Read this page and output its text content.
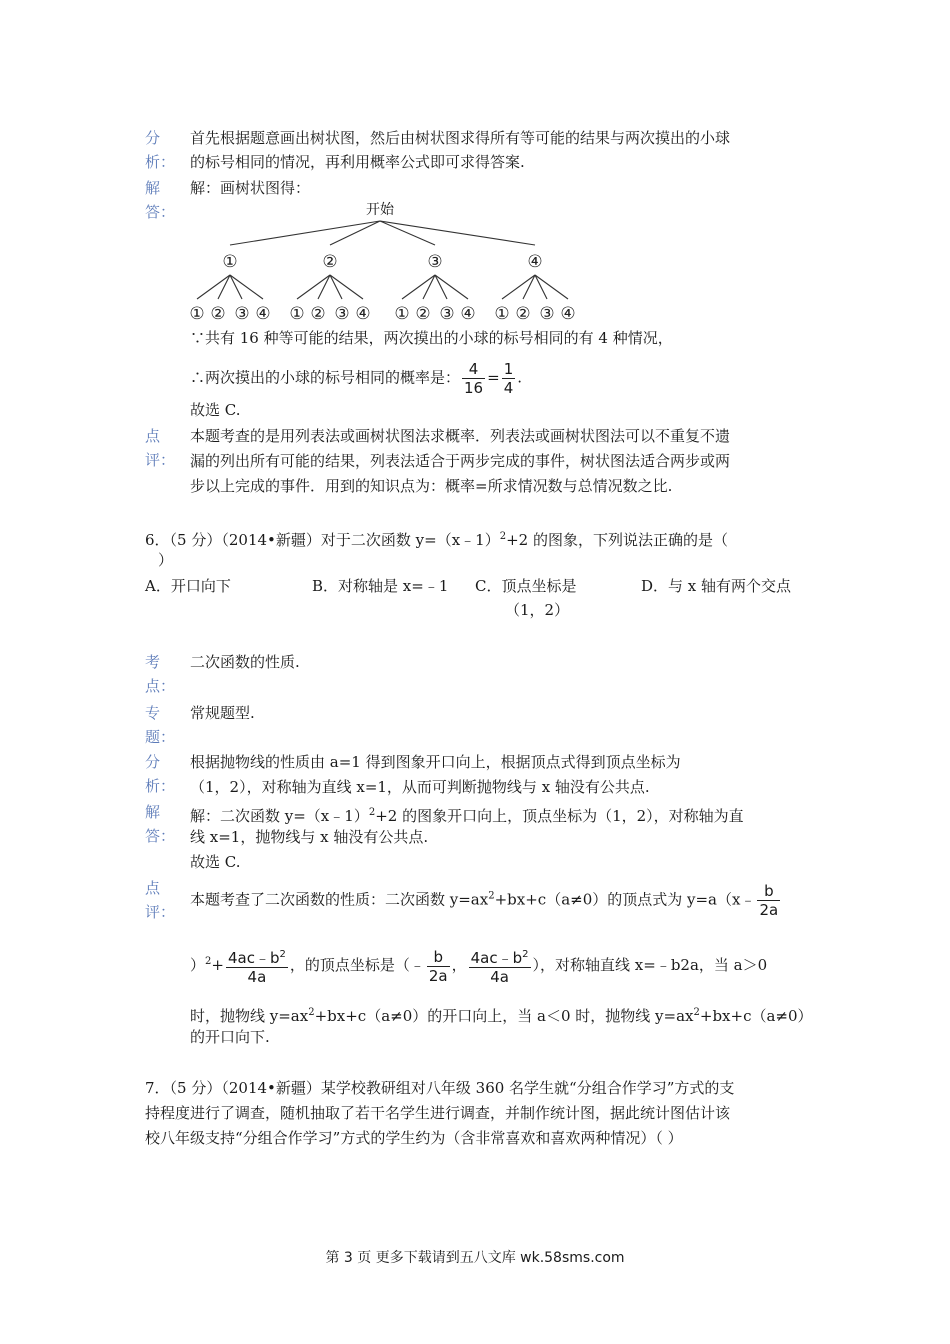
分
析：
首先根据题意画出树状图，然后由树状图求得所有等可能的结果与两次摸出的小球
的标号相同的情况，再利用概率公式即可求得答案.
解
答：
解：画树状图得：
开始
①	②	③	④
① ② ③ ④ ① ② ③ ④ ① ② ③ ④ ① ② ③ ④
∵共有 16 种等可能的结果，两次摸出的小球的标号相同的有 4 种情况，
∴两次摸出的小球的标号相同的概率是： $\frac{4}{16} = \frac{1}{4}$ .
故选 C.
点
评：
本题考查的是用列表法或画树状图法求概率．列表法或画树状图法可以不重复不遗
漏的列出所有可能的结果，列表法适合于两步完成的事件，树状图法适合两步或两
步以上完成的事件．用到的知识点为：概率=所求情况数与总情况数之比.
6．（5 分）（2014•新疆）对于二次函数 y=（x﹣1）$^2$+2 的图象，下列说法正确的是（
）
A．开口向下	B．对称轴是 x=﹣1 C．顶点坐标是
（1，2）
D．与 x 轴有两个交点
考
点：
二次函数的性质.
专
题：
常规题型.
分
析：
根据抛物线的性质由 a=1 得到图象开口向上，根据顶点式得到顶点坐标为
（1，2），对称轴为直线 x=1，从而可判断抛物线与 x 轴没有公共点.
解
答：
解：二次函数 y=（x﹣1）$^2$+2 的图象开口向上，顶点坐标为（1，2），对称轴为直
线 x=1，抛物线与 x 轴没有公共点.
故选 C.
点
评：
本题考查了二次函数的性质：二次函数 $y=ax^2+bx+c(a\ne 0)$的顶点式为 y=a（x﹣ $\frac{b}{2a}$
）$^2+ \frac{4ac﹣b^2}{4a}$ ，的顶点坐标是（﹣ $\frac{b}{2a}$ ， $\frac{4ac﹣b^2}{4a}$ ），对称轴直线 x=﹣b2a，当 a＞0
时，抛物线 $y=ax^2+bx+c(a\ne 0)$的开口向上，当 a＜0 时，抛物线 $y=ax^2+bx+c(a\ne 0)$
的开口向下.
7．（5 分）（2014•新疆）某学校教研组对八年级 360 名学生就“分组合作学习”方式的支
持程度进行了调查，随机抽取了若干名学生进行调查，并制作统计图，据此统计图估计该
校八年级支持“分组合作学习”方式的学生约为（含非常喜欢和喜欢两种情况）（ ）
第 3 页 更多下载请到五八文库 wk.58sms.com
